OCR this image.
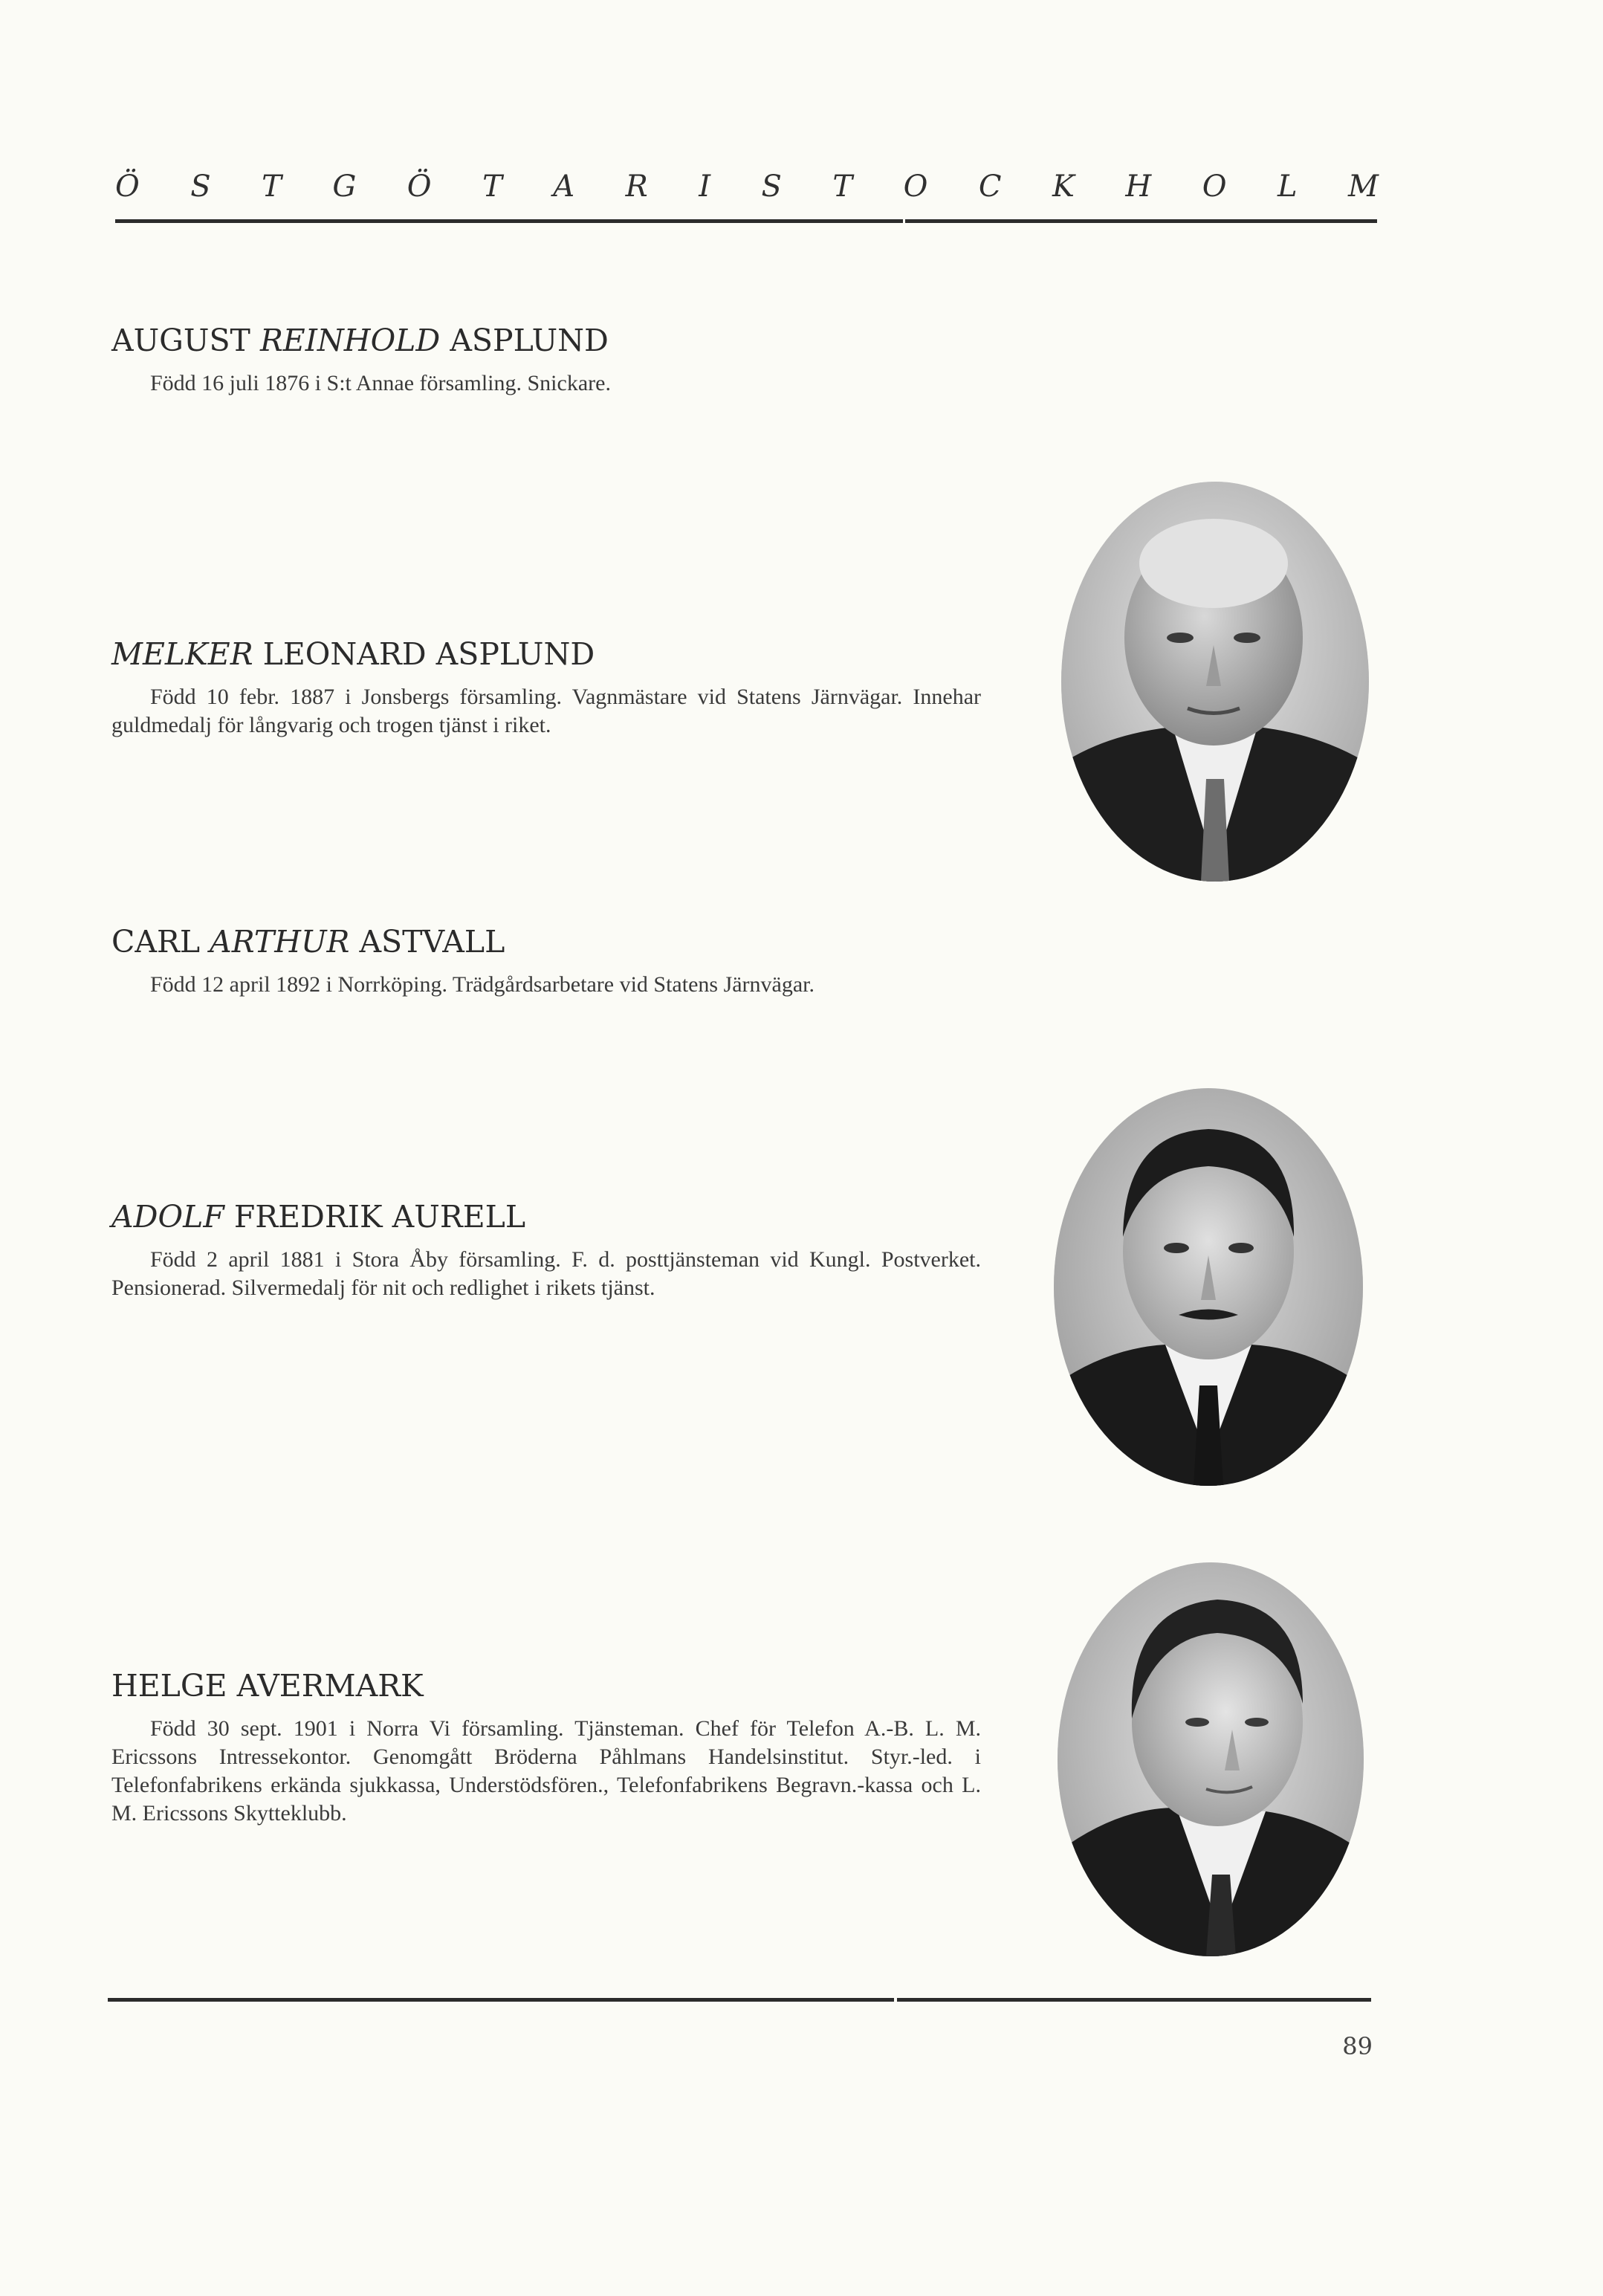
Ö S T G Ö T A R I S T O C K H O L M
AUGUST REINHOLD ASPLUND
Född 16 juli 1876 i S:t Annae församling. Snickare.
MELKER LEONARD ASPLUND
Född 10 febr. 1887 i Jonsbergs församling. Vagnmästare vid Statens Järnvägar. Innehar guldmedalj för långvarig och trogen tjänst i riket.
CARL ARTHUR ASTVALL
Född 12 april 1892 i Norrköping. Trädgårdsarbetare vid Statens Järnvägar.
ADOLF FREDRIK AURELL
Född 2 april 1881 i Stora Åby församling. F. d. posttjänsteman vid Kungl. Postverket. Pensionerad. Silvermedalj för nit och redlighet i rikets tjänst.
HELGE AVERMARK
Född 30 sept. 1901 i Norra Vi församling. Tjänsteman. Chef för Telefon A.-B. L. M. Ericssons Intressekontor. Genomgått Bröderna Påhlmans Handelsinstitut. Styr.-led. i Telefonfabrikens erkända sjukkassa, Understödsfören., Telefonfabrikens Begravn.-kassa och L. M. Ericssons Skytteklubb.
89
